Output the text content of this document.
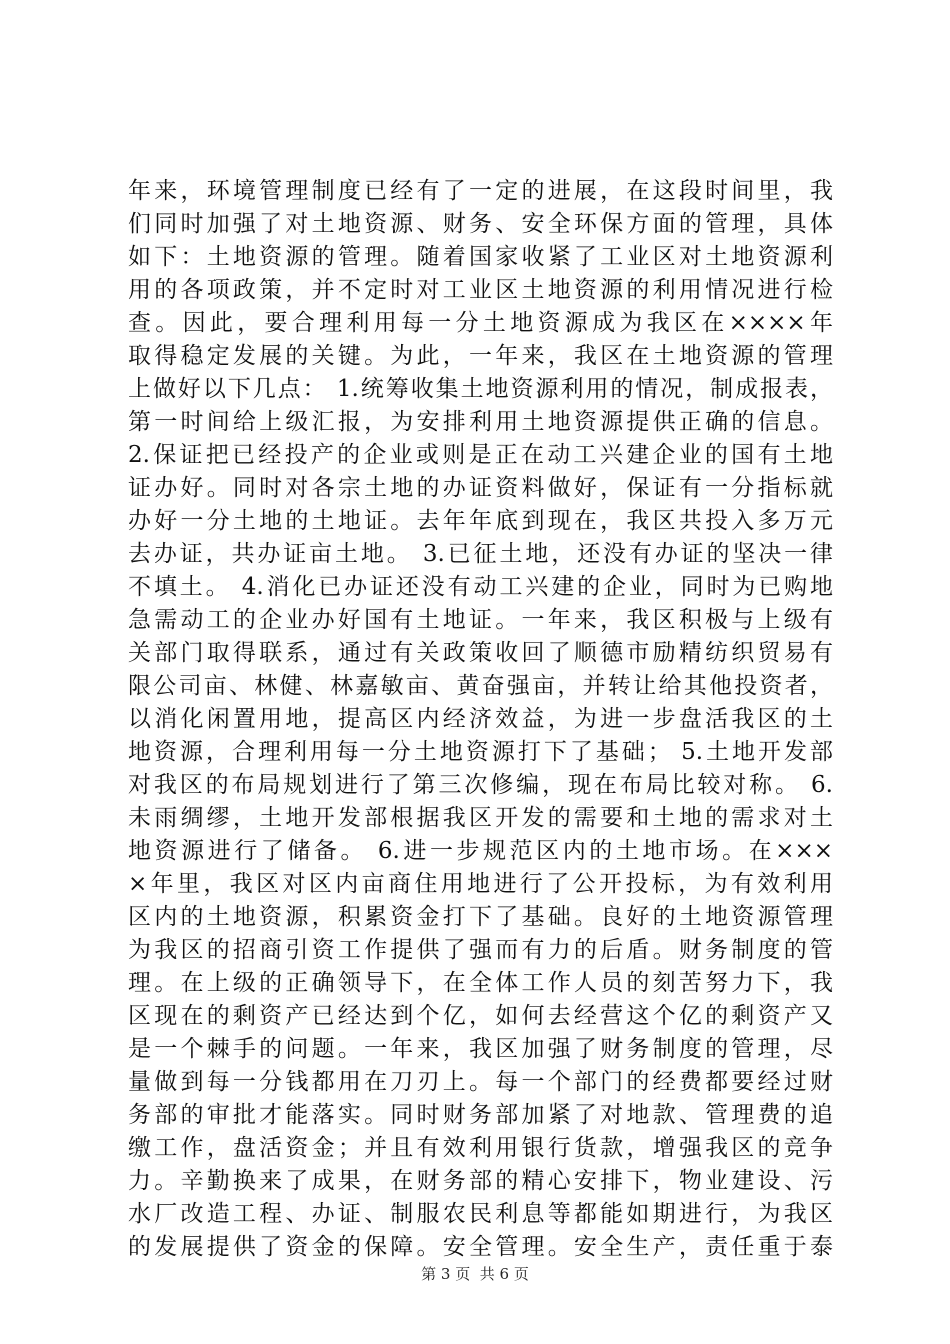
年来，环境管理制度已经有了一定的进展，在这段时间里，我
们同时加强了对土地资源、财务、安全环保方面的管理，具体
如下：土地资源的管理。随着国家收紧了工业区对土地资源利
用的各项政策，并不定时对工业区土地资源的利用情况进行检
查。因此，要合理利用每一分土地资源成为我区在××××年
取得稳定发展的关键。为此，一年来，我区在土地资源的管理
上做好以下几点： 1.统筹收集土地资源利用的情况，制成报表，
第一时间给上级汇报，为安排利用土地资源提供正确的信息。
2.保证把已经投产的企业或则是正在动工兴建企业的国有土地
证办好。同时对各宗土地的办证资料做好，保证有一分指标就
办好一分土地的土地证。去年年底到现在，我区共投入多万元
去办证，共办证亩土地。 3.已征土地，还没有办证的坚决一律
不填土。 4.消化已办证还没有动工兴建的企业，同时为已购地
急需动工的企业办好国有土地证。一年来，我区积极与上级有
关部门取得联系，通过有关政策收回了顺德市励精纺织贸易有
限公司亩、林健、林嘉敏亩、黄奋强亩，并转让给其他投资者，
以消化闲置用地，提高区内经济效益，为进一步盘活我区的土
地资源，合理利用每一分土地资源打下了基础； 5.土地开发部
对我区的布局规划进行了第三次修编，现在布局比较对称。 6.
未雨绸缪，土地开发部根据我区开发的需要和土地的需求对土
地资源进行了储备。 6.进一步规范区内的土地市场。在×××
×年里，我区对区内亩商住用地进行了公开投标，为有效利用
区内的土地资源，积累资金打下了基础。良好的土地资源管理
为我区的招商引资工作提供了强而有力的后盾。财务制度的管
理。在上级的正确领导下，在全体工作人员的刻苦努力下，我
区现在的剩资产已经达到个亿，如何去经营这个亿的剩资产又
是一个棘手的问题。一年来，我区加强了财务制度的管理，尽
量做到每一分钱都用在刀刃上。每一个部门的经费都要经过财
务部的审批才能落实。同时财务部加紧了对地款、管理费的追
缴工作，盘活资金；并且有效利用银行货款，增强我区的竞争
力。辛勤换来了成果，在财务部的精心安排下，物业建设、污
水厂改造工程、办证、制服农民利息等都能如期进行，为我区
的发展提供了资金的保障。安全管理。安全生产，责任重于泰
第 3 页  共 6 页
